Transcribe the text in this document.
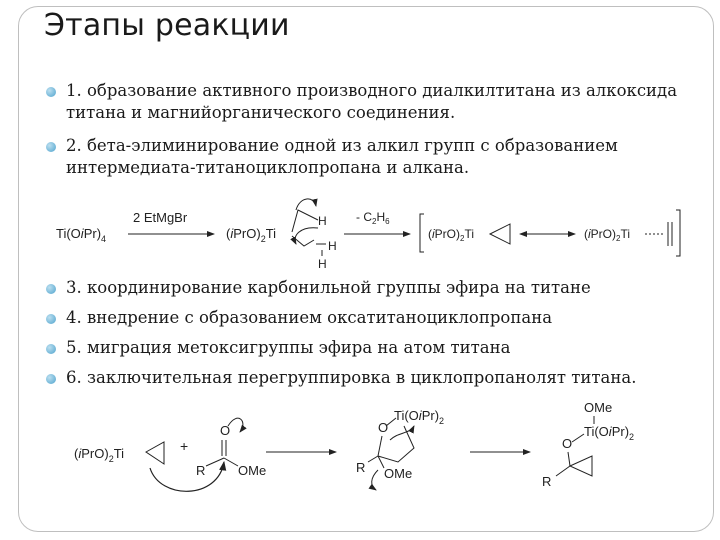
Этапы реакции
1. образование активного производного диалкилтитана из алкоксида титана и магнийорганического соединения.
2. бета-элиминирование одной из алкил групп с образованием интермедиата-титаноциклопропана и алкана.
3. координирование карбонильной группы эфира на титане
4. внедрение с образованием оксатитаноциклопропана
5. миграция метоксигруппы эфира на атом титана
6. заключительная перегруппировка в циклопропанолят титана.
$Ti(OiPr)_4$
2 EtMgBr
$(iPrO)_2Ti$
H
H
H
- $C_2H_6$
$(iPrO)_2Ti$	$(iPrO)_2Ti$
$(iPrO)_2Ti$	+
O
R	OMe
$Ti(OiPr)_2$
O
R OMe
OMe
$Ti(OiPr)_2$
O
R
